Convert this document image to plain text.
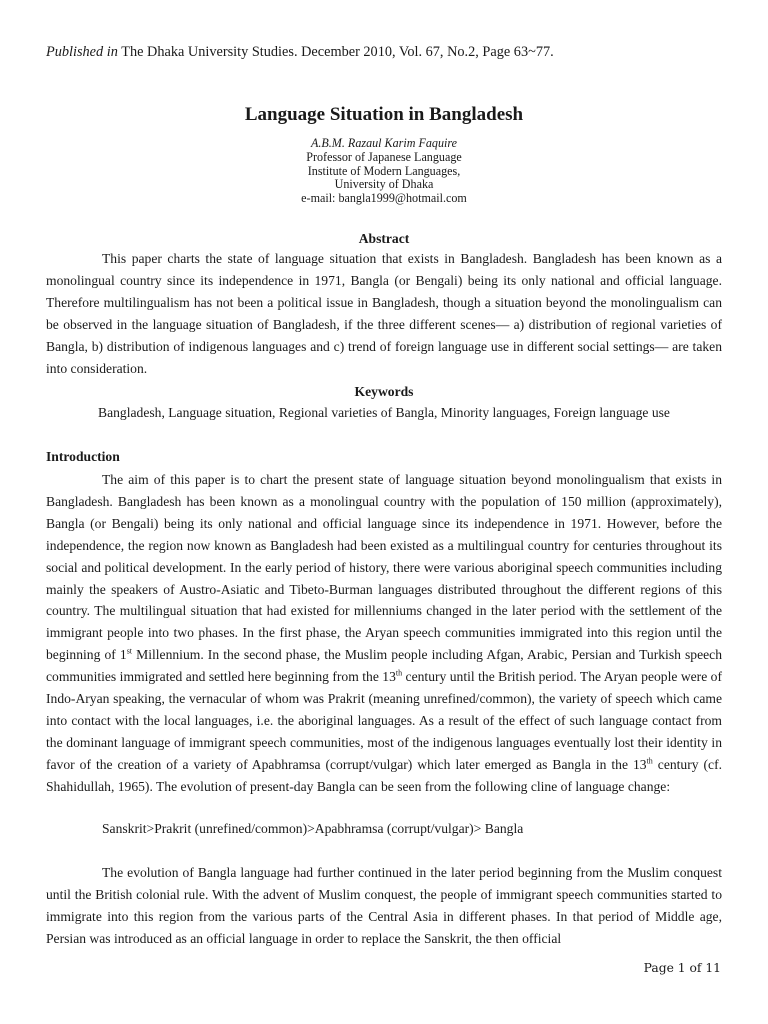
Published in The Dhaka University Studies. December 2010, Vol. 67, No.2, Page 63~77.
Language Situation in Bangladesh
A.B.M. Razaul Karim Faquire
Professor of Japanese Language
Institute of Modern Languages,
University of Dhaka
e-mail: bangla1999@hotmail.com
Abstract

This paper charts the state of language situation that exists in Bangladesh. Bangladesh has been known as a monolingual country since its independence in 1971, Bangla (or Bengali) being its only national and official language. Therefore multilingualism has not been a political issue in Bangladesh, though a situation beyond the monolingualism can be observed in the language situation of Bangladesh, if the three different scenes— a) distribution of regional varieties of Bangla, b) distribution of indigenous languages and c) trend of foreign language use in different social settings— are taken into consideration.

Keywords
Bangladesh, Language situation, Regional varieties of Bangla, Minority languages, Foreign language use
Introduction

The aim of this paper is to chart the present state of language situation beyond monolingualism that exists in Bangladesh. Bangladesh has been known as a monolingual country with the population of 150 million (approximately), Bangla (or Bengali) being its only national and official language since its independence in 1971. However, before the independence, the region now known as Bangladesh had been existed as a multilingual country for centuries throughout its social and political development. In the early period of history, there were various aboriginal speech communities including mainly the speakers of Austro-Asiatic and Tibeto-Burman languages distributed throughout the different regions of this country. The multilingual situation that had existed for millenniums changed in the later period with the settlement of the immigrant people into two phases. In the first phase, the Aryan speech communities immigrated into this region until the beginning of 1st Millennium. In the second phase, the Muslim people including Afgan, Arabic, Persian and Turkish speech communities immigrated and settled here beginning from the 13th century until the British period. The Aryan people were of Indo-Aryan speaking, the vernacular of whom was Prakrit (meaning unrefined/common), the variety of speech which came into contact with the local languages, i.e. the aboriginal languages. As a result of the effect of such language contact from the dominant language of immigrant speech communities, most of the indigenous languages eventually lost their identity in favor of the creation of a variety of Apabhramsa (corrupt/vulgar) which later emerged as Bangla in the 13th century (cf. Shahidullah, 1965). The evolution of present-day Bangla can be seen from the following cline of language change:

Sanskrit>Prakrit (unrefined/common)>Apabhramsa (corrupt/vulgar)> Bangla

The evolution of Bangla language had further continued in the later period beginning from the Muslim conquest until the British colonial rule. With the advent of Muslim conquest, the people of immigrant speech communities started to immigrate into this region from the various parts of the Central Asia in different phases. In that period of Middle age, Persian was introduced as an official language in order to replace the Sanskrit, the then official

Page 1 of 11
